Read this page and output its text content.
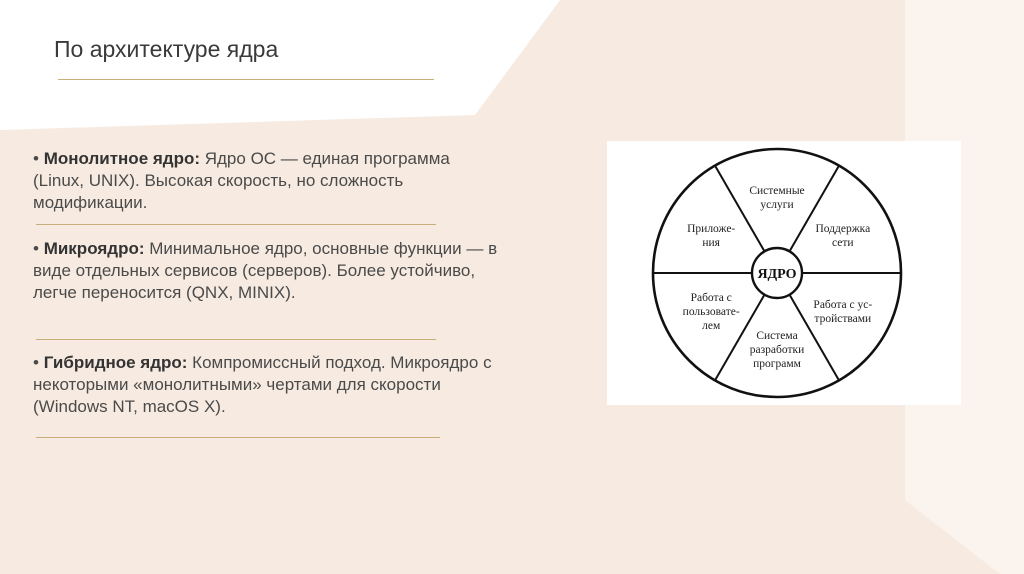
По архитектуре ядра
• Монолитное ядро: Ядро ОС — единая программа (Linux, UNIX). Высокая скорость, но сложность модификации.
• Микроядро: Минимальное ядро, основные функции — в виде отдельных сервисов (серверов). Более устойчиво, легче переносится (QNX, MINIX).
• Гибридное ядро: Компромиссный подход. Микроядро с некоторыми «монолитными» чертами для скорости (Windows NT, macOS X).
ЯДРО
Системные услуги
Поддержка сети
Работа с ус-тройствами
Система разработки программ
Работа с пользовате-лем
Приложе-ния
